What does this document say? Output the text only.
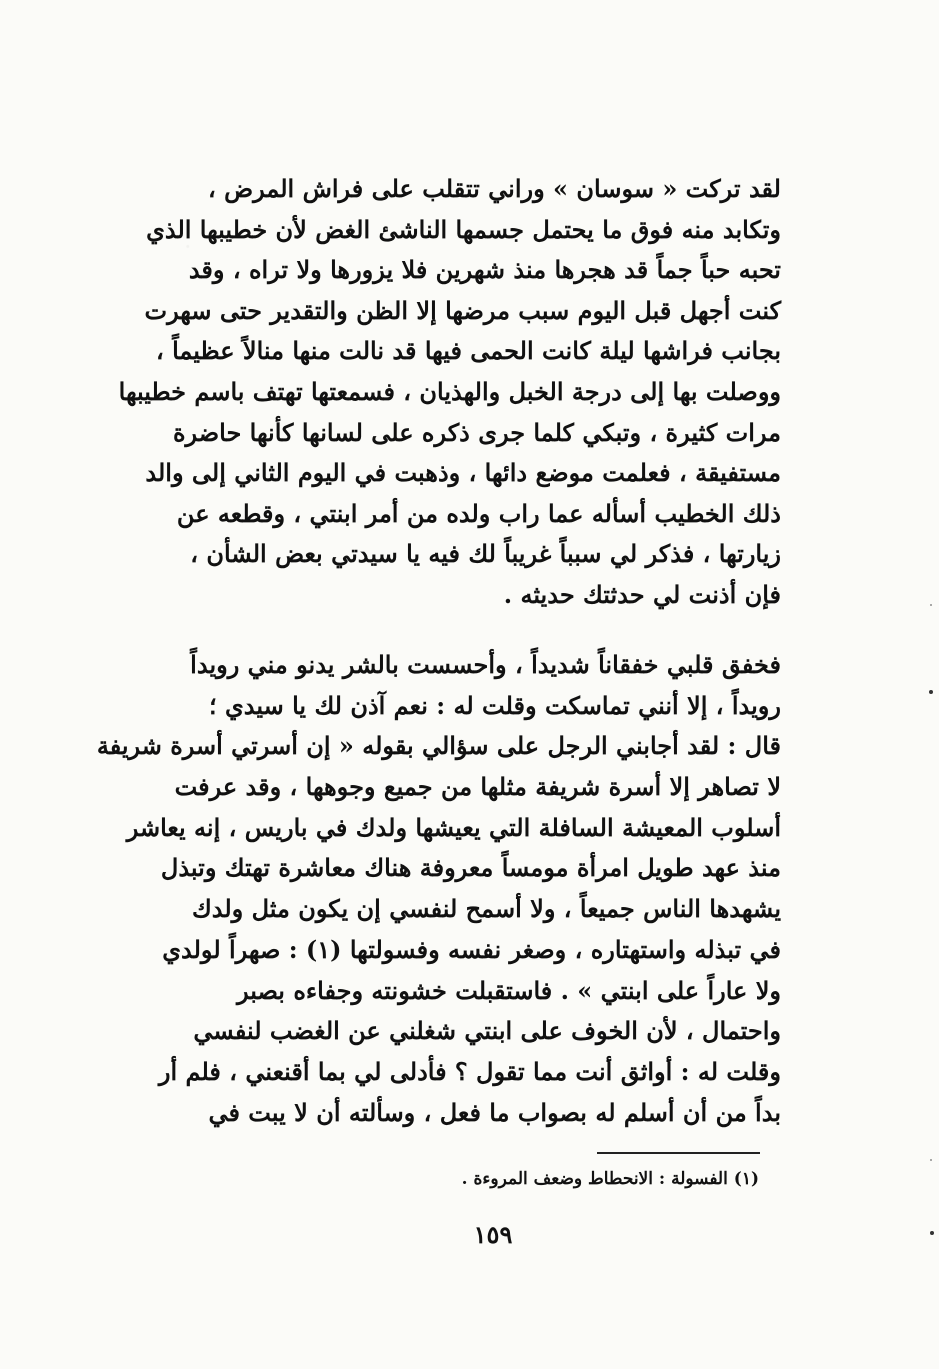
لقد تركت « سوسان » وراني تتقلب على فراش المرض ،
وتكابد منه فوق ما يحتمل جسمها الناشئ الغض لأن خطيبها الذي
تحبه حباً جماً قد هجرها منذ شهرين فلا يزورها ولا تراه ، وقد
كنت أجهل قبل اليوم سبب مرضها إلا الظن والتقدير حتى سهرت
بجانب فراشها ليلة كانت الحمى فيها قد نالت منها منالاً عظيماً ،
ووصلت بها إلى درجة الخبل والهذيان ، فسمعتها تهتف باسم خطيبها
مرات كثيرة ، وتبكي كلما جرى ذكره على لسانها كأنها حاضرة
مستفيقة ، فعلمت موضع دائها ، وذهبت في اليوم الثاني إلى والد
ذلك الخطيب أسأله عما راب ولده من أمر ابنتي ، وقطعه عن
زيارتها ، فذكر لي سبباً غريباً لك فيه يا سيدتي بعض الشأن ،
فإن أذنت لي حدثتك حديثه .
فخفق قلبي خفقاناً شديداً ، وأحسست بالشر يدنو مني رويداً
رويداً ، إلا أنني تماسكت وقلت له : نعم آذن لك يا سيدي ؛
قال : لقد أجابني الرجل على سؤالي بقوله « إن أسرتي أسرة شريفة
لا تصاهر إلا أسرة شريفة مثلها من جميع وجوهها ، وقد عرفت
أسلوب المعيشة السافلة التي يعيشها ولدك في باريس ، إنه يعاشر
منذ عهد طويل امرأة مومساً معروفة هناك معاشرة تهتك وتبذل
يشهدها الناس جميعاً ، ولا أسمح لنفسي إن يكون مثل ولدك
في تبذله واستهتاره ، وصغر نفسه وفسولتها (١) : صهراً لولدي
ولا عاراً على ابنتي » . فاستقبلت خشونته وجفاءه بصبر
واحتمال ، لأن الخوف على ابنتي شغلني عن الغضب لنفسي
وقلت له : أواثق أنت مما تقول ؟ فأدلى لي بما أقنعني ، فلم أر
بداً من أن أسلم له بصواب ما فعل ، وسألته أن لا يبت في
(١) الفسولة : الانحطاط وضعف المروءة .
١٥٩
